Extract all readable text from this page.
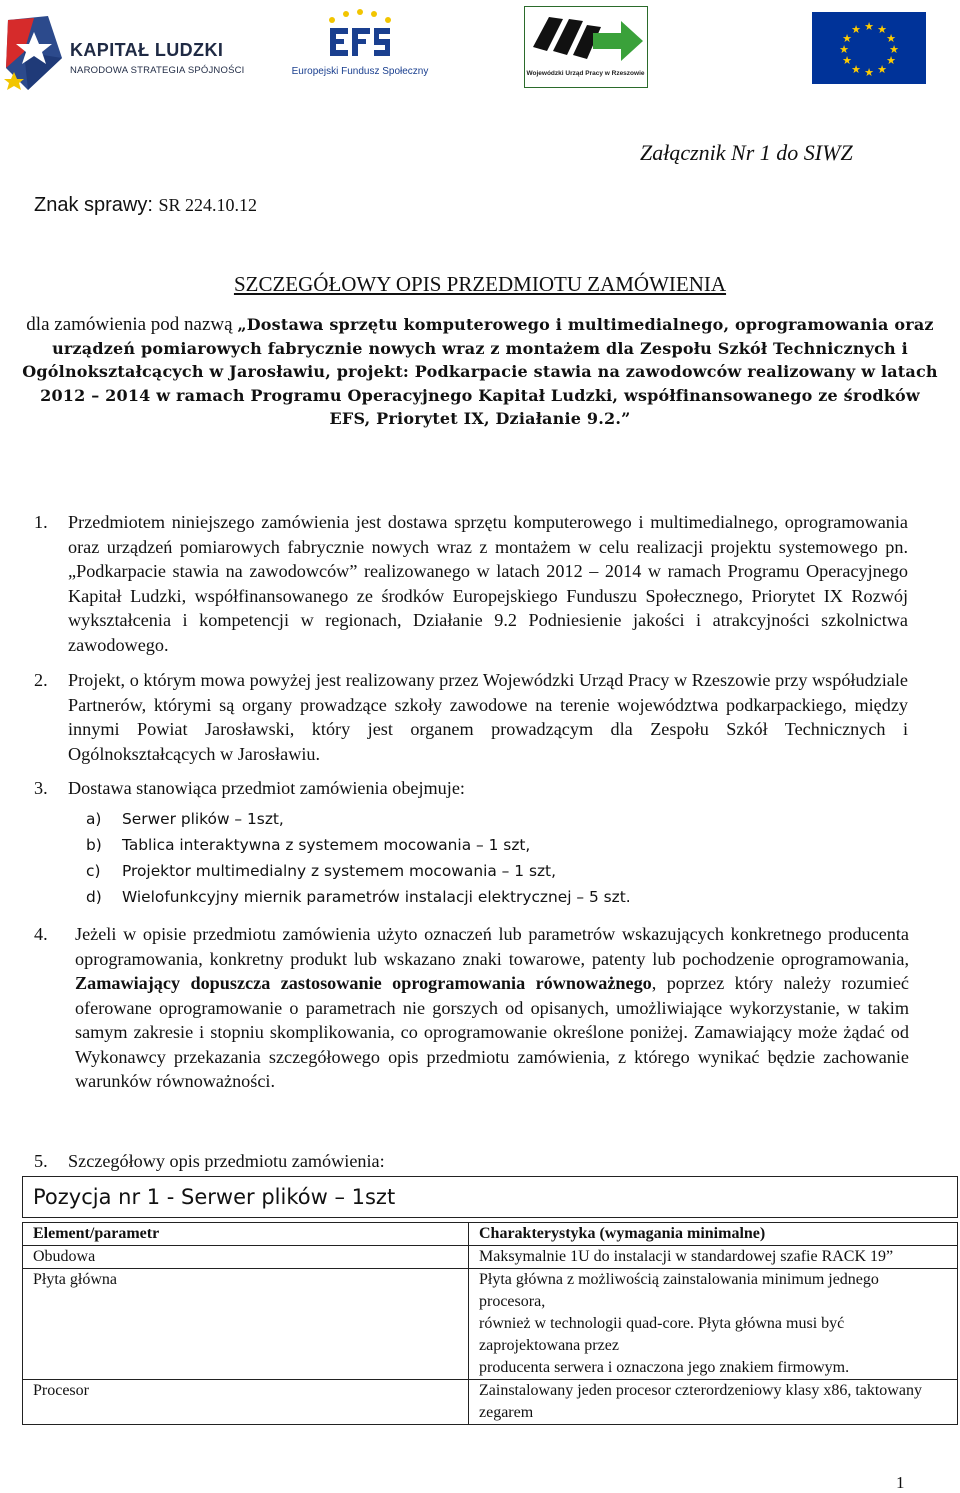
KAPITAŁ LUDZKI
NARODOWA STRATEGIA SPÓJNOŚCI	Europejski Fundusz Społeczny	Wojewódzki Urząd Pracy w Rzeszowie
★ ★
★
★
★
★
★
★
★
★
★
★
Załącznik Nr 1 do SIWZ
Znak sprawy: SR 224.10.12
SZCZEGÓŁOWY OPIS PRZEDMIOTU ZAMÓWIENIA
dla zamówienia pod nazwą „Dostawa sprzętu komputerowego i multimedialnego, oprogramowania oraz urządzeń pomiarowych fabrycznie nowych wraz z montażem dla Zespołu Szkół Technicznych i Ogólnokształcących w Jarosławiu, projekt: Podkarpacie stawia na zawodowców realizowany w latach 2012 – 2014 w ramach Programu Operacyjnego Kapitał Ludzki, współfinansowanego ze środków EFS, Priorytet IX, Działanie 9.2.”
1. Przedmiotem niniejszego zamówienia jest dostawa sprzętu komputerowego i multimedialnego, oprogramowania oraz urządzeń pomiarowych fabrycznie nowych wraz z montażem w celu realizacji projektu systemowego pn. „Podkarpacie stawia na zawodowców” realizowanego w latach 2012 – 2014 w ramach Programu Operacyjnego Kapitał Ludzki, współfinansowanego ze środków Europejskiego Funduszu Społecznego, Priorytet IX Rozwój wykształcenia i kompetencji w regionach, Działanie 9.2 Podniesienie jakości i atrakcyjności szkolnictwa zawodowego.
2. Projekt, o którym mowa powyżej jest realizowany przez Wojewódzki Urząd Pracy w Rzeszowie przy współudziale Partnerów, którymi są organy prowadzące szkoły zawodowe na terenie województwa podkarpackiego, między innymi Powiat Jarosławski, który jest organem prowadzącym dla Zespołu Szkół Technicznych i Ogólnokształcących w Jarosławiu.
3. Dostawa stanowiąca przedmiot zamówienia obejmuje:
a) Serwer plików – 1szt,
b) Tablica interaktywna z systemem mocowania – 1 szt,
c) Projektor multimedialny z systemem mocowania – 1 szt,
d) Wielofunkcyjny miernik parametrów instalacji elektrycznej – 5 szt.
4. Jeżeli w opisie przedmiotu zamówienia użyto oznaczeń lub parametrów wskazujących konkretnego producenta oprogramowania, konkretny produkt lub wskazano znaki towarowe, patenty lub pochodzenie oprogramowania, Zamawiający dopuszcza zastosowanie oprogramowania równoważnego, poprzez który należy rozumieć oferowane oprogramowanie o parametrach nie gorszych od opisanych, umożliwiające wykorzystanie, w takim samym zakresie i stopniu skomplikowania, co oprogramowanie określone poniżej. Zamawiający może żądać od Wykonawcy przekazania szczegółowego opis przedmiotu zamówienia, z którego wynikać będzie zachowanie warunków równoważności.
5. Szczegółowy opis przedmiotu zamówienia:
Pozycja nr 1 - Serwer plików – 1szt
Element/parametr	Charakterystyka (wymagania minimalne)
Obudowa	Maksymalnie 1U do instalacji w standardowej szafie RACK 19”

Płyta główna	Płyta główna z możliwością zainstalowania minimum jednego procesora,
również w technologii quad-core. Płyta główna musi być zaprojektowana przez
producenta serwera i oznaczona jego znakiem firmowym.

Procesor	Zainstalowany jeden procesor czterordzeniowy klasy x86, taktowany zegarem
1
